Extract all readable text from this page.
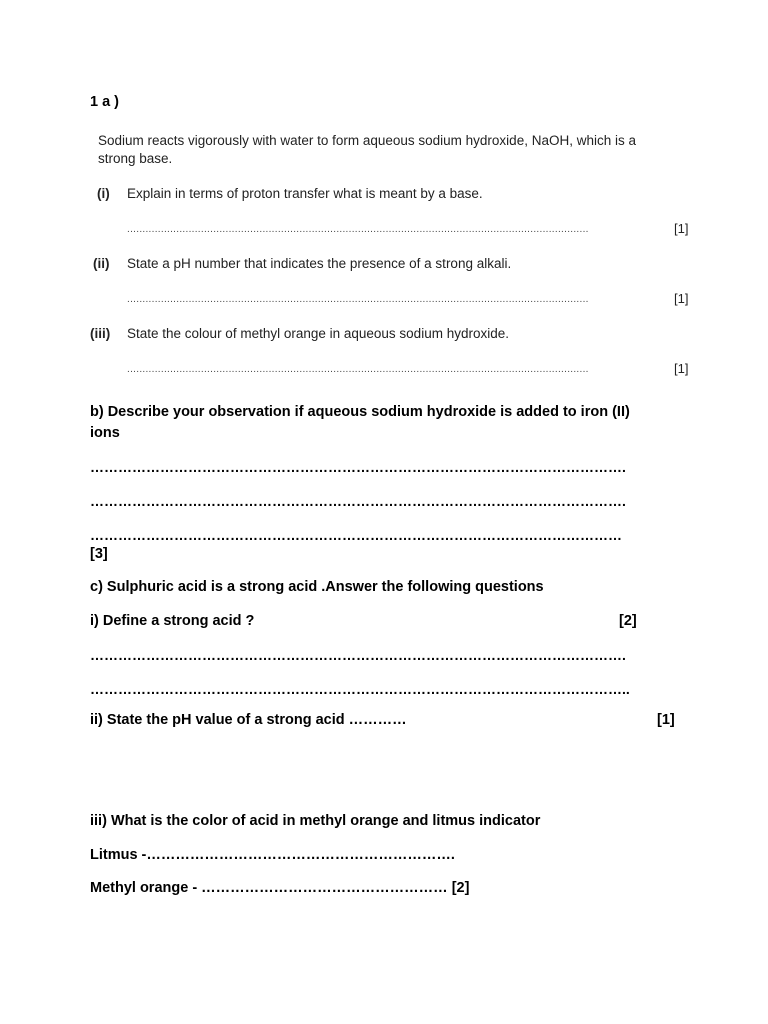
1 a )
Sodium reacts vigorously with water to form aqueous sodium hydroxide, NaOH, which is a
strong base.
(i) Explain in terms of proton transfer what is meant by a base.
......................................................................................................................................................	[1]
(ii) State a pH number that indicates the presence of a strong alkali.
......................................................................................................................................................	[1]
(iii) State the colour of methyl orange in aqueous sodium hydroxide.
......................................................................................................................................................	[1]
b) Describe your observation if aqueous sodium hydroxide is added to iron (II)
ions
…………………………………………………………………………………………………….
…………………………………………………………………………………………………….
……………………………………………………………………………………………………
[3]
c) Sulphuric acid is a strong acid .Answer the following questions
i) Define a strong acid ?	[2]
…………………………………………………………………………………………………….
……………………………………………………………………………………………………..
ii) State the pH value of a strong acid …………	[1]
iii) What is the color of acid in methyl orange and litmus indicator
Litmus -……………………………………………………….
Methyl orange - …………………………………………… [2]
